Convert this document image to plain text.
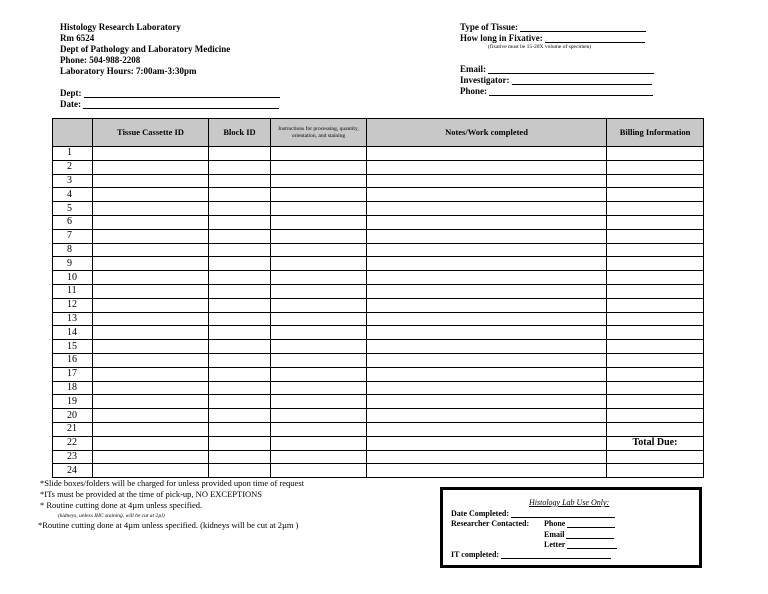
Histology Research Laboratory
Rm 6524
Dept of Pathology and Laboratory Medicine
Phone: 504-988-2208
Laboratory Hours: 7:00am-3:30pm
Dept:
Date:
Type of Tissue:
How long in Fixative:
(fixative must be 15-20X volume of specimen)
Email:
Investigator:
Phone:
	Tissue Cassette ID	Block ID	Instructions for processing, quantity, orientation, and staining	Notes/Work completed	Billing Information
1					
2					
3					
4					
5					
6					
7					
8					
9					
10					
11					
12					
13					
14					
15					
16					
17					
18					
19					
20					
21					
22					Total Due:
23					
24					
*Slide boxes/folders will be charged for unless provided upon time of request
*ITs must be provided at the time of pick-up, NO EXCEPTIONS
* Routine cutting done at 4µm unless specified.
(kidneys, unless IHC staining, will be cut at 2µl)
*Routine cutting done at 4µm unless specified. (kidneys will be cut at 2µm )
Histology Lab Use Only:
Date Completed:
Researcher Contacted: Phone
Email
Letter
IT completed:
